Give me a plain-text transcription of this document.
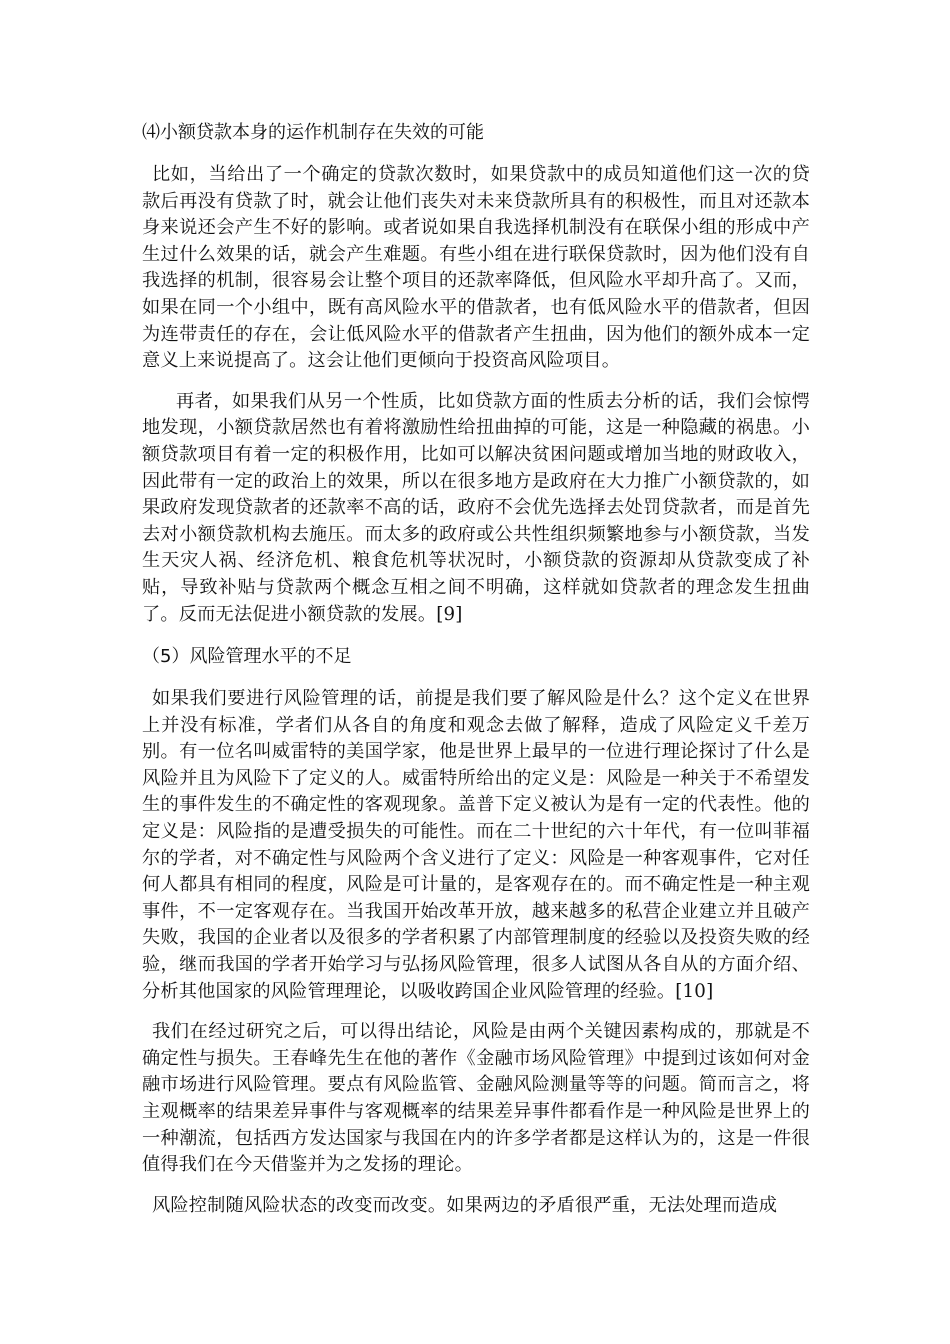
⑷小额贷款本身的运作机制存在失效的可能

比如，当给出了一个确定的贷款次数时，如果贷款中的成员知道他们这一次的贷款后再没有贷款了时，就会让他们丧失对未来贷款所具有的积极性，而且对还款本身来说还会产生不好的影响。或者说如果自我选择机制没有在联保小组的形成中产生过什么效果的话，就会产生难题。有些小组在进行联保贷款时，因为他们没有自我选择的机制，很容易会让整个项目的还款率降低，但风险水平却升高了。又而，如果在同一个小组中，既有高风险水平的借款者，也有低风险水平的借款者，但因为连带责任的存在，会让低风险水平的借款者产生扭曲，因为他们的额外成本一定意义上来说提高了。这会让他们更倾向于投资高风险项目。

再者，如果我们从另一个性质，比如贷款方面的性质去分析的话，我们会惊愕地发现，小额贷款居然也有着将激励性给扭曲掉的可能，这是一种隐藏的祸患。小额贷款项目有着一定的积极作用，比如可以解决贫困问题或增加当地的财政收入，因此带有一定的政治上的效果，所以在很多地方是政府在大力推广小额贷款的，如果政府发现贷款者的还款率不高的话，政府不会优先选择去处罚贷款者，而是首先去对小额贷款机构去施压。而太多的政府或公共性组织频繁地参与小额贷款，当发生天灾人祸、经济危机、粮食危机等状况时，小额贷款的资源却从贷款变成了补贴，导致补贴与贷款两个概念互相之间不明确，这样就如贷款者的理念发生扭曲了。反而无法促进小额贷款的发展。[9]

（5）风险管理水平的不足

如果我们要进行风险管理的话，前提是我们要了解风险是什么？这个定义在世界上并没有标准，学者们从各自的角度和观念去做了解释，造成了风险定义千差万别。有一位名叫威雷特的美国学家，他是世界上最早的一位进行理论探讨了什么是风险并且为风险下了定义的人。威雷特所给出的定义是：风险是一种关于不希望发生的事件发生的不确定性的客观现象。盖普下定义被认为是有一定的代表性。他的定义是：风险指的是遭受损失的可能性。而在二十世纪的六十年代，有一位叫菲福尔的学者，对不确定性与风险两个含义进行了定义：风险是一种客观事件，它对任何人都具有相同的程度，风险是可计量的，是客观存在的。而不确定性是一种主观事件，不一定客观存在。当我国开始改革开放，越来越多的私营企业建立并且破产失败，我国的企业者以及很多的学者积累了内部管理制度的经验以及投资失败的经验，继而我国的学者开始学习与弘扬风险管理，很多人试图从各自从的方面介绍、分析其他国家的风险管理理论，以吸收跨国企业风险管理的经验。[10]

我们在经过研究之后，可以得出结论，风险是由两个关键因素构成的，那就是不确定性与损失。王春峰先生在他的著作《金融市场风险管理》中提到过该如何对金融市场进行风险管理。要点有风险监管、金融风险测量等等的问题。简而言之，将主观概率的结果差异事件与客观概率的结果差异事件都看作是一种风险是世界上的一种潮流，包括西方发达国家与我国在内的许多学者都是这样认为的，这是一件很值得我们在今天借鉴并为之发扬的理论。

风险控制随风险状态的改变而改变。如果两边的矛盾很严重，无法处理而造成
